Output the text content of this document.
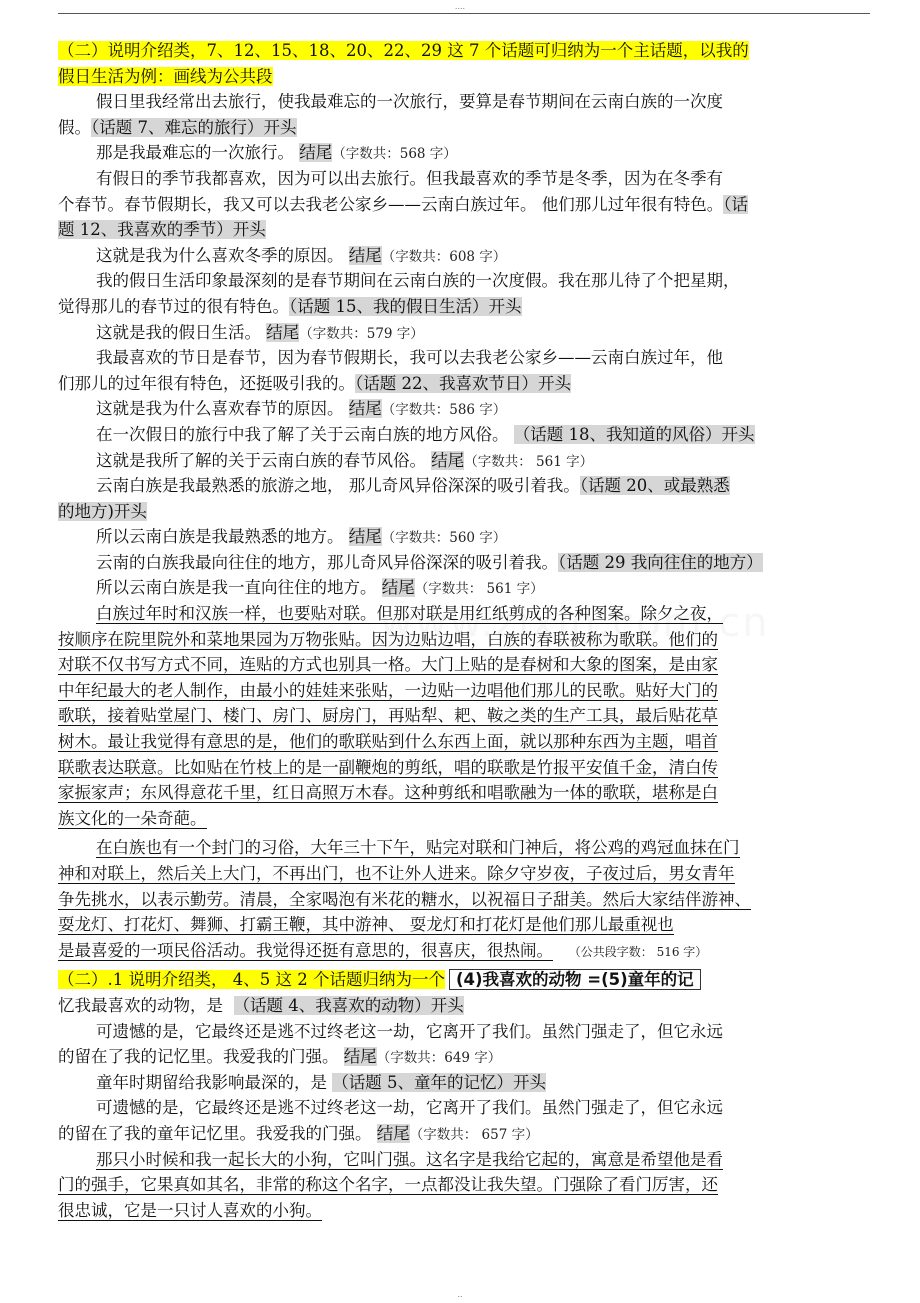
....
（二）说明介绍类，7、12、15、18、20、22、29 这 7 个话题可归纳为一个主话题，以我的
假日生活为例：画线为公共段
假日里我经常出去旅行，使我最难忘的一次旅行，要算是春节期间在云南白族的一次度
假。（话题 7、难忘的旅行）开头
那是我最难忘的一次旅行。 结尾（字数共：568 字）
有假日的季节我都喜欢，因为可以出去旅行。但我最喜欢的季节是冬季，因为在冬季有
个春节。春节假期长，我又可以去我老公家乡——云南白族过年。 他们那儿过年很有特色。（话
题 12、我喜欢的季节）开头
这就是我为什么喜欢冬季的原因。 结尾（字数共：608 字）
我的假日生活印象最深刻的是春节期间在云南白族的一次度假。我在那儿待了个把星期，
觉得那儿的春节过的很有特色。（话题 15、我的假日生活）开头
这就是我的假日生活。 结尾（字数共：579 字）
我最喜欢的节日是春节，因为春节假期长，我可以去我老公家乡——云南白族过年，他
们那儿的过年很有特色，还挺吸引我的。（话题 22、我喜欢节日）开头
这就是我为什么喜欢春节的原因。 结尾（字数共：586 字）
在一次假日的旅行中我了解了关于云南白族的地方风俗。 （话题 18、我知道的风俗）开头
这就是我所了解的关于云南白族的春节风俗。 结尾（字数共： 561 字）
云南白族是我最熟悉的旅游之地， 那儿奇风异俗深深的吸引着我。（话题 20、或最熟悉
的地方)开头
所以云南白族是我最熟悉的地方。 结尾（字数共：560 字）
云南的白族我最向往住的地方，那儿奇风异俗深深的吸引着我。（话题 29 我向往住的地方）
所以云南白族是我一直向往住的地方。 结尾（字数共： 561 字）
白族过年时和汉族一样，也要贴对联。但那对联是用红纸剪成的各种图案。除夕之夜，
按顺序在院里院外和菜地果园为万物张贴。因为边贴边唱，白族的春联被称为歌联。他们的
对联不仅书写方式不同，连贴的方式也别具一格。大门上贴的是春树和大象的图案，是由家
中年纪最大的老人制作，由最小的娃娃来张贴，一边贴一边唱他们那儿的民歌。贴好大门的
歌联，接着贴堂屋门、楼门、房门、厨房门，再贴犁、耙、鞍之类的生产工具，最后贴花草
树木。最让我觉得有意思的是，他们的歌联贴到什么东西上面，就以那种东西为主题，唱首
联歌表达联意。比如贴在竹枝上的是一副鞭炮的剪纸，唱的联歌是竹报平安值千金，清白传
家振家声；东风得意花千里，红日高照万木春。这种剪纸和唱歌融为一体的歌联，堪称是白
族文化的一朵奇葩。
在白族也有一个封门的习俗，大年三十下午，贴完对联和门神后，将公鸡的鸡冠血抹在门
神和对联上，然后关上大门，不再出门，也不让外人进来。除夕守岁夜，子夜过后，男女青年
争先挑水，以表示勤劳。清晨，全家喝泡有米花的糖水，以祝福日子甜美。然后大家结伴游神、
耍龙灯、打花灯、舞狮、打霸王鞭，其中游神、 耍龙灯和打花灯是他们那儿最重视也
是最喜爱的一项民俗活动。我觉得还挺有意思的，很喜庆，很热闹。 （公共段字数： 516 字）
（二）.1 说明介绍类， 4、5 这 2 个话题归纳为一个 (4)我喜欢的动物 =(5)童年的记
忆我最喜欢的动物，是 （话题 4、我喜欢的动物）开头
可遗憾的是，它最终还是逃不过终老这一劫，它离开了我们。虽然门强走了，但它永远
的留在了我的记忆里。我爱我的门强。 结尾（字数共：649 字）
童年时期留给我影响最深的，是 （话题 5、童年的记忆）开头
可遗憾的是，它最终还是逃不过终老这一劫，它离开了我们。虽然门强走了，但它永远
的留在了我的童年记忆里。我爱我的门强。 结尾（字数共： 657 字）
那只小时候和我一起长大的小狗，它叫门强。这名字是我给它起的，寓意是希望他是看
门的强手，它果真如其名，非常的称这个名字，一点都没让我失望。门强除了看门厉害，还
很忠诚，它是一只讨人喜欢的小狗。
..
